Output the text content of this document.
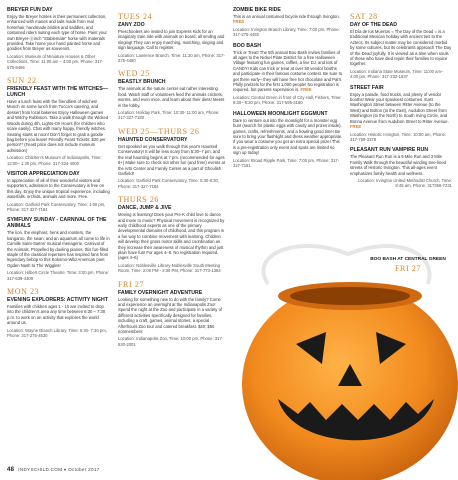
BREYER FUN DAY
Enjoy the Breyer horses in their permanent collection, enhanced with manes and tails made from real horsehair, handmade bridles and saddles, and costumed riders suiting each type of horse. Paint your own Breyer-Ⓡinch “Stablemate” horse with materials provided. Take home your hand painted horse and goodies from Breyer as souvenirs.
Location: Museum of Miniature Houses & Other Collections, Time: 11:00 am – 4:00 pm, Phone: 317-575-9466
SUN 22
FRIENDLY FEAST WITH THE WITCHES—LUNCH
Have a lunch feast with the friendliest of witches! Munch on some lunch from Tucca’s catering, and dessert from local bakeries Enjoy Halloween games and Witchy Rubbinon. Take a walk through the Wicked Woods during 4th, Lights-On Hours (for children who scare easily). Chat with many happy, friendly witches. Seating starts at noon! Don’t forget to grab a goodie bag before you leave! Friendly Feast Tickets: $20 per person** (Feast price does not include museum admission)
Location: Children’s Museum of Indianapolis, Time: 12:00– 1:30 pm, Phone: 317-334-4000
VISITOR APPRECIATION DAY
In appreciation of all of their wonderful visitors and supporters, admission to the Conservatory is free on this day. Enjoy the unique tropical experience, including waterfalls, orchids, animals and more. Free.
Location: Garfield Park Conservatory, Time: 1:00 pm, Phone: 317-327-7184
SYMFUNY SUNDAY - CARNIVAL OF THE ANIMALS
The lion, the elephant, hens and roosters, the kangaroo, the swan, and an aquarium all come to life in Camille Saint-Saëns’ musical menagerie, Carnival of the Animals. Propelled by dueling pianos, this fun-filled staple of the classical repertoire has inspired fans from legendary bebop to this Kokomo-Wild American poet Ogden Nash to The Wiggles!
Location: Hilbert Circle Theatre, Time: 3:00 pm, Phone: 317-639-4300
MON 23
EVENING EXPLORERS: ACTIVITY NIGHT
Families with children ages 1 - 10 are invited to drop into the children’s area any time between 6:30 – 7:30 p.m. to work on an activity that explores the world around us.
Location: Wayne Branch Library, Time: 6:30- 7:30 pm, Phone: 317-275-4530
TUES 24
ZANY ZOO
Preschoolers are invited to join Express Kids for an imaginary train ride with animals on board, all smiling and singing! They can enjoy marching, matching, singing and sign language. Call to register.
Location: Lawrence Branch, Time: 11:30 am, Phone: 317-275-4460
WED 25
BEASTLY BRUNCH
The animals at the nature center eat rather interesting food. Watch staff or volunteers feed the animals crickets, worms, and even mice, and learn about their diets! Meets in the lobby.
Location: Holiday Park, Time: 10:30- 11:00 am, Phone: 317-327-7180
WED 25—THURS 26
HAUNTED CONSERVATORY
Get spooked as you walk through this year’s Haunted Conservatory! It will be less scary from 5:30–7 pm, and the real haunting begins at 7 pm. (recommended for ages 8+) Make sure to check out other fun (and free!) events at the Arts Center and Family Center as a part of Ghoulish Garfield!
Location: Garfield Park Conservatory, Time: 5:30-8:30, Phone: 317-327-7184
THURS 26
DANCE, JUMP & JIVE
Moving is learning! Does your Pre-K child love to dance and move to music? Physical movement is recognized by early childhood experts as one of the primary developmental domains of childhood, and this program is a fun way to combine movement with learning. Children will develop their gross motor skills and coordination as they increase their awareness of musical rhythm and just plain have fun! For ages 4–6. No registration required. (ages 4–6)
Location: Noblesville Library-Noblesville South Meeting Room, Time: 2:00 PM - 2:30 PM, Phone: 317-773-1384
FRI 27
FAMILY OVERNIGHT ADVENTURE
Looking for something new to do with the family? Come and experience an overnight at the Indianapolis Zoo! Spend the night at the Zoo and participate in a variety of different activities specifically designed for families, including a craft, games, animal stories, a special Afterhours Zoo tour and catered breakfast. $40; $50 nonmembers
Location: Indianapolis Zoo, Time: 10:00 pm, Phone: 317-630-2001
ZOMBIE BIKE RIDE
This is an annual costumed bicycle ride through Irvington. FREE
Location: Irvington Branch Library, Time: 7:00 pm, Phone: 317-275-4450
BOO BASH
Trick or Treat! The 5th annual Boo Bash invites families of all ages to the Nickel Plate District for a free Halloween Village featuring fun games, raffles, a live DJ, and lots of CANDY! Kids can trick or treat at over 50 vendor booths and participate in their famous costume contest. Be sure to get there early– they will have free hot chocolate and Pat’s Philly pretzels for the first 1,000 people! No registration is required, but parents supervision is. FREE
Location: Central Green in front of City Hall, Fishers, Time: 6:30– 8:30 pm, Phone: 317-595-3150
HALLOWEEN MOONLIGHT EGGMUNT
Dare to venture out into the moonlight for a monster egg hunt (search for plastic eggs with candy and prizes inside), games, crafts, refreshments, and a howling good time! Be sure to bring your flashlight and dress weather appropriate. If you wear a costume you get an extra special prize! This is a pre-registration only event and spots are limited so sign up today!
Location: Broad Ripple Park, Time: 7:00 pm, Phone: 317-327-7161
SAT 28
DAY OF THE DEAD
El Día de los Muertos = The Day of the Dead = is a traditional Mexican holiday with ancient ties to the Aztecs. Its subject matter may be considered morbid by some cultures, but its celebrants approach The Day of the Dead joyfully. It is viewed as a time when souls of those who have died rejoin their families to rejoice together.
Location: Indiana State Museum, Time: 11:00 am– 4:00 pm, Phone: 317-232-1637
STREET FAIR
Enjoy a parade, food trucks, and plenty of vendor booths! Wear your spookiest costumes. East Washington Street between Ritter Avenue (to the West) and Bolton (to the East), Audubon Street from Washington (to the North) to South Irving Circle, and Bonna Avenue from Audubon Street to Ritter Avenue. FREE
Location: Historic Irvington, Time: 10:00 am, Phone: 317-759-3378
PLEASANT RUN VAMPIRE RUN
The Pleasant Run Run is a 5-Mile Run and 3 Mile Family Walk through the beautiful winding tree-lined streets of Historic Irvington. This all-ages event emphasizes family health and wellness.
Location: Irvington United Methodist Church, Time: 8:45 am, Phone: 317356-7231
BOO BASH AT CENTRAL GREEN
FRI 27
48 INDYSCHILD.COM ♦ October 2017
